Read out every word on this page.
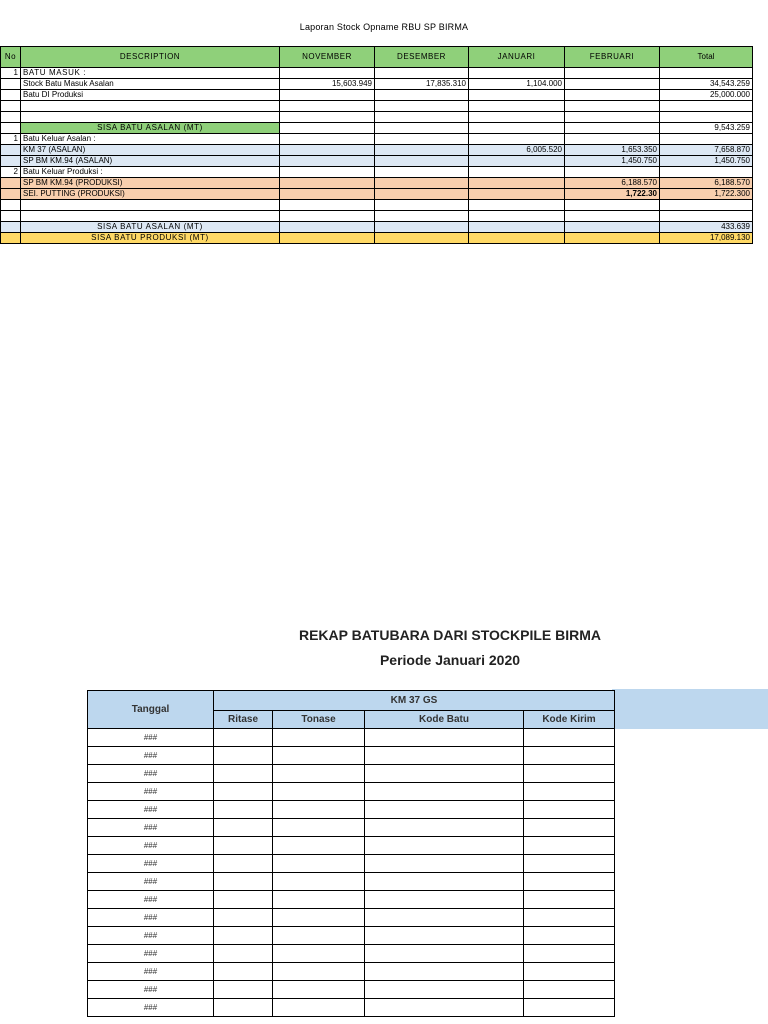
Laporan Stock Opname RBU SP BIRMA
No	DESCRIPTION	NOVEMBER	DESEMBER	JANUARI	FEBRUARI	Total
1	BATU MASUK :					
	Stock Batu Masuk Asalan	15,603.949	17,835.310	1,104.000		34,543.259
	Batu DI Produksi					25,000.000

	SISA BATU ASALAN (MT)					9,543.259
1	Batu Keluar Asalan :					
	KM 37 (ASALAN)			6,005.520	1,653.350	7,658.870
	SP BM KM.94 (ASALAN)				1,450.750	1,450.750
2	Batu Keluar Produksi :					
	SP BM KM.94 (PRODUKSI)				6,188.570	6,188.570
	SEI. PUTTING (PRODUKSI)				1,722.30	1,722.300

	SISA BATU ASALAN (MT)					433.639
	SISA BATU PRODUKSI (MT)					17,089.130
REKAP BATUBARA DARI STOCKPILE BIRMA
Periode Januari 2020
Tanggal	KM 37 GS			
	Ritase	Tonase	Kode Batu	Kode Kirim
###				
###				
###				
###				
###				
###				
###				
###				
###				
###				
###				
###				
###				
###				
###				
###				
